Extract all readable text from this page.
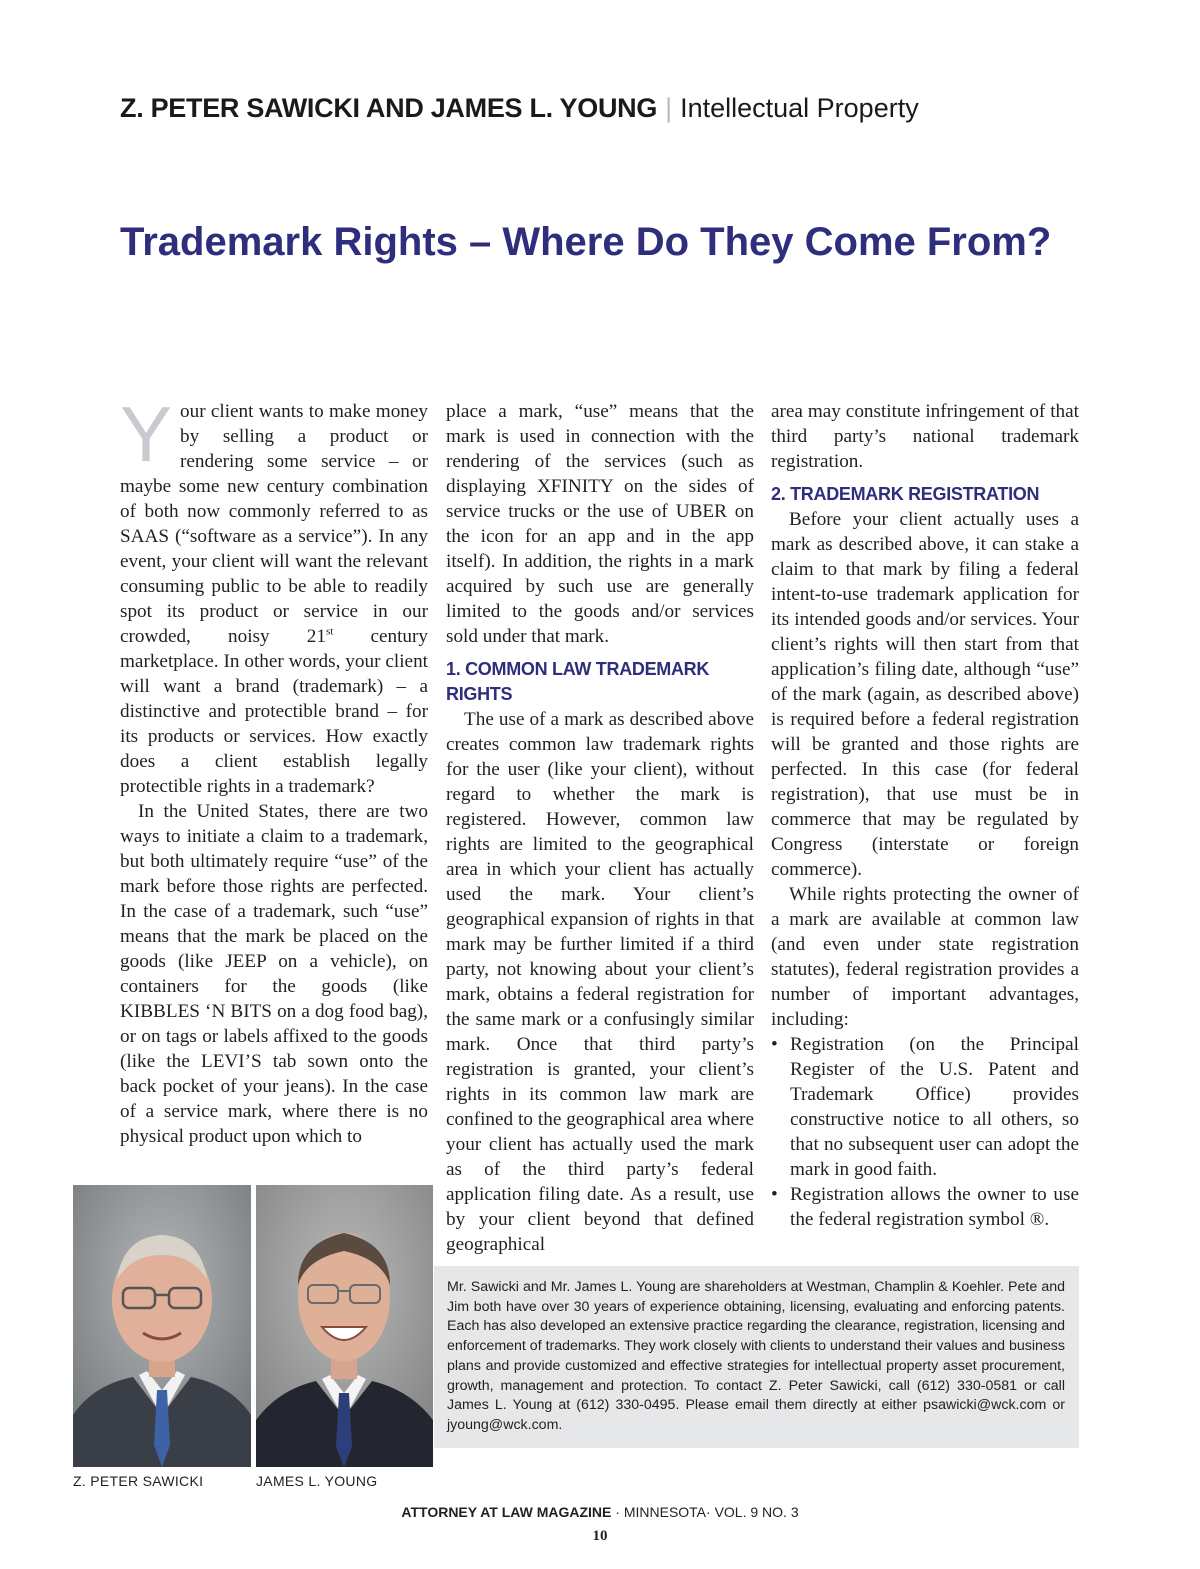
Z. PETER SAWICKI AND JAMES L. YOUNG | Intellectual Property
Trademark Rights – Where Do They Come From?

Your client wants to make money by selling a product or rendering some service – or maybe some new century combination of both now commonly referred to as SAAS (“software as a service”). In any event, your client will want the relevant consuming public to be able to readily spot its product or service in our crowded, noisy 21st century marketplace. In other words, your client will want a brand (trademark) – a distinctive and protectible brand – for its products or services. How exactly does a client establish legally protectible rights in a trademark?

In the United States, there are two ways to initiate a claim to a trademark, but both ultimately require “use” of the mark before those rights are perfected. In the case of a trademark, such “use” means that the mark be placed on the goods (like JEEP on a vehicle), on containers for the goods (like KIBBLES ‘N BITS on a dog food bag), or on tags or labels affixed to the goods (like the LEVI’S tab sown onto the back pocket of your jeans). In the case of a service mark, where there is no physical product upon which to

place a mark, “use” means that the mark is used in connection with the rendering of the services (such as displaying XFINITY on the sides of service trucks or the use of UBER on the icon for an app and in the app itself). In addition, the rights in a mark acquired by such use are generally limited to the goods and/or services sold under that mark.

1. COMMON LAW TRADEMARK RIGHTS

The use of a mark as described above creates common law trademark rights for the user (like your client), without regard to whether the mark is registered. However, common law rights are limited to the geographical area in which your client has actually used the mark. Your client’s geographical expansion of rights in that mark may be further limited if a third party, not knowing about your client’s mark, obtains a federal registration for the same mark or a confusingly similar mark. Once that third party’s registration is granted, your client’s rights in its common law mark are confined to the geographical area where your client has actually used the mark as of the third party’s federal application filing date. As a result, use by your client beyond that defined geographical

area may constitute infringement of that third party’s national trademark registration.

2. TRADEMARK REGISTRATION

Before your client actually uses a mark as described above, it can stake a claim to that mark by filing a federal intent-to-use trademark application for its intended goods and/or services. Your client’s rights will then start from that application’s filing date, although “use” of the mark (again, as described above) is required before a federal registration will be granted and those rights are perfected. In this case (for federal registration), that use must be in commerce that may be regulated by Congress (interstate or foreign commerce).

While rights protecting the owner of a mark are available at common law (and even under state registration statutes), federal registration provides a number of important advantages, including:

• Registration (on the Principal Register of the U.S. Patent and Trademark Office) provides constructive notice to all others, so that no subsequent user can adopt the mark in good faith.
• Registration allows the owner to use the federal registration symbol ®.
Z. PETER SAWICKI	JAMES L. YOUNG
Mr. Sawicki and Mr. James L. Young are shareholders at Westman, Champlin & Koehler. Pete and Jim both have over 30 years of experience obtaining, licensing, evaluating and enforcing patents. Each has also developed an extensive practice regarding the clearance, registration, licensing and enforcement of trademarks. They work closely with clients to understand their values and business plans and provide customized and effective strategies for intellectual property asset procurement, growth, management and protection. To contact Z. Peter Sawicki, call (612) 330-0581 or call James L. Young at (612) 330-0495. Please email them directly at either psawicki@wck.com or jyoung@wck.com.
ATTORNEY AT LAW MAGAZINE · MINNESOTA· VOL. 9 NO. 3
10
